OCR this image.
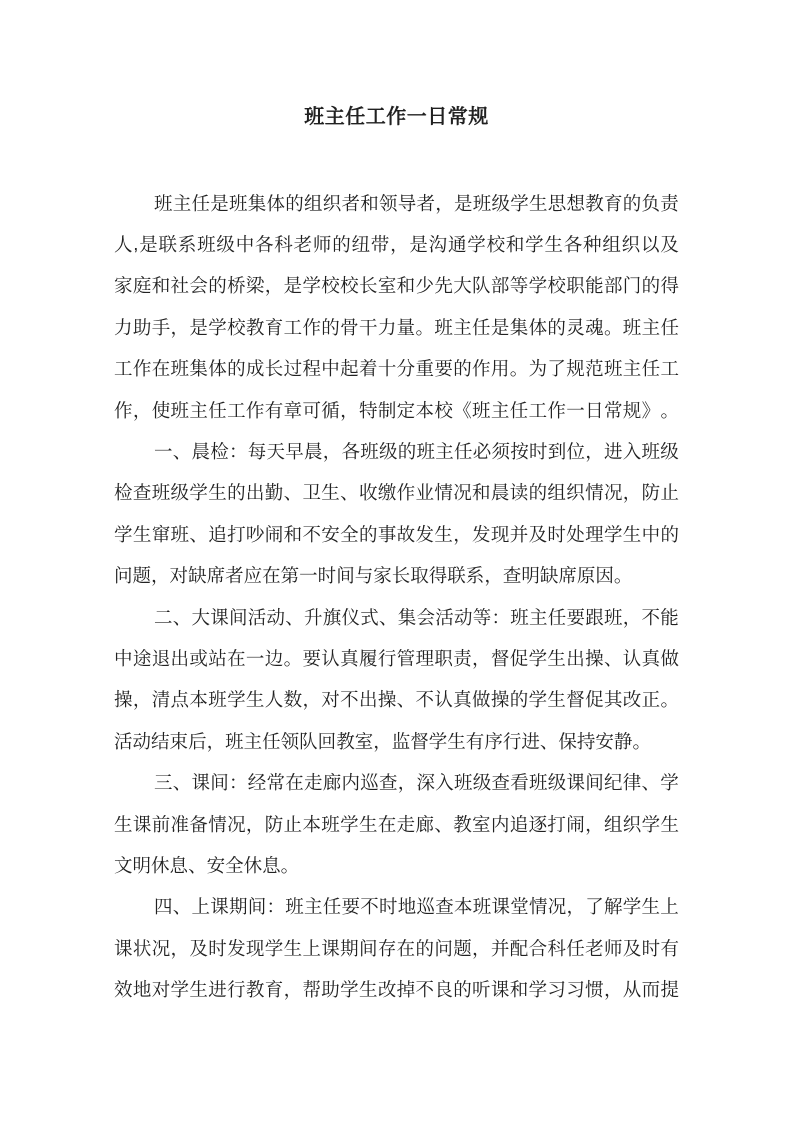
班主任工作一日常规

班 主 任 是 班 集 体 的 组 织 者 和 领 导 者 ， 是 班 级 学 生 思 想 教 育 的 负 责
人 , 是 联 系 班 级 中 各 科 老 师 的 纽 带 ， 是 沟 通 学 校 和 学 生 各 种 组 织 以 及
家 庭 和 社 会 的 桥 梁 ， 是 学 校 校 长 室 和 少 先 大 队 部 等 学 校 职 能 部 门 的 得
力 助 手 ， 是 学 校 教 育 工 作 的 骨 干 力 量 。 班 主 任 是 集 体 的 灵 魂 。 班 主 任
工 作 在 班 集 体 的 成 长 过 程 中 起 着 十 分 重 要 的 作 用 。 为 了 规 范 班 主 任 工
作 ， 使 班 主 任 工 作 有 章 可 循 ， 特 制 定 本 校 《 班 主 任 工 作 一 日 常 规 》 。

一 、 晨 检 ： 每 天 早 晨 ， 各 班 级 的 班 主 任 必 须 按 时 到 位 ， 进 入 班 级
检 查 班 级 学 生 的 出 勤 、 卫 生 、 收 缴 作 业 情 况 和 晨 读 的 组 织 情 况 ， 防 止
学 生 窜 班 、 追 打 吵 闹 和 不 安 全 的 事 故 发 生 ， 发 现 并 及 时 处 理 学 生 中 的
问 题 ， 对 缺 席 者 应 在 第 一 时 间 与 家 长 取 得 联 系 ， 查 明 缺 席 原 因 。

二 、 大 课 间 活 动 、 升 旗 仪 式 、 集 会 活 动 等 ： 班 主 任 要 跟 班 ， 不 能
中 途 退 出 或 站 在 一 边 。 要 认 真 履 行 管 理 职 责 ， 督 促 学 生 出 操 、 认 真 做
操 ， 清 点 本 班 学 生 人 数 ， 对 不 出 操 、 不 认 真 做 操 的 学 生 督 促 其 改 正 。
活 动 结 束 后 ， 班 主 任 领 队 回 教 室 ， 监 督 学 生 有 序 行 进 、 保 持 安 静 。

三 、 课 间 ： 经 常 在 走 廊 内 巡 查 ， 深 入 班 级 查 看 班 级 课 间 纪 律 、 学
生 课 前 准 备 情 况 ， 防 止 本 班 学 生 在 走 廊 、 教 室 内 追 逐 打 闹 ， 组 织 学 生
文 明 休 息 、 安 全 休 息 。

四 、 上 课 期 间 ： 班 主 任 要 不 时 地 巡 查 本 班 课 堂 情 况 ， 了 解 学 生 上
课 状 况 ， 及 时 发 现 学 生 上 课 期 间 存 在 的 问 题 ， 并 配 合 科 任 老 师 及 时 有
效 地 对 学 生 进 行 教 育 ， 帮 助 学 生 改 掉 不 良 的 听 课 和 学 习 习 惯 ， 从 而 提
